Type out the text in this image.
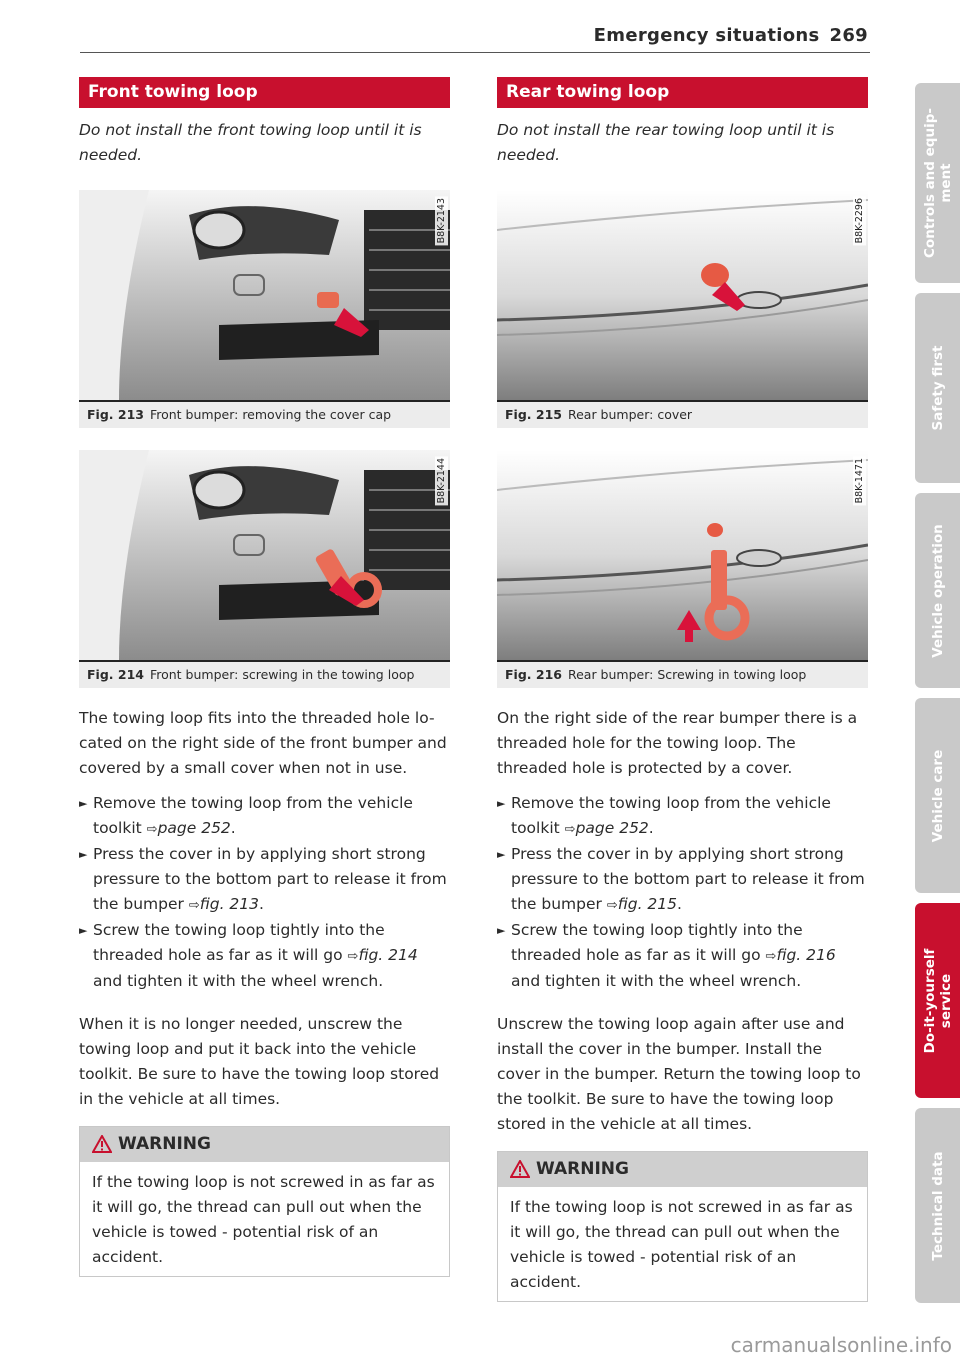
Emergency situations 269
Front towing loop

Do not install the front towing loop until it is needed.

B8K-2143
Fig. 213 Front bumper: removing the cover cap
B8K-2144
Fig. 214 Front bumper: screwing in the towing loop
The towing loop fits into the threaded hole lo- cated on the right side of the front bumper and covered by a small cover when not in use.
► Remove the towing loop from the vehicle toolkit ⇨page 252.
► Press the cover in by applying short strong pressure to the bottom part to release it from the bumper ⇨fig. 213.
► Screw the towing loop tightly into the threaded hole as far as it will go ⇨fig. 214 and tighten it with the wheel wrench.
When it is no longer needed, unscrew the towing loop and put it back into the vehicle toolkit. Be sure to have the towing loop stored in the vehicle at all times.
WARNING
If the towing loop is not screwed in as far as it will go, the thread can pull out when the vehicle is towed - potential risk of an accident.
Rear towing loop

Do not install the rear towing loop until it is needed.

B8K-2296
Fig. 215 Rear bumper: cover
B8K-1471
Fig. 216 Rear bumper: Screwing in towing loop
On the right side of the rear bumper there is a threaded hole for the towing loop. The threaded hole is protected by a cover.
► Remove the towing loop from the vehicle toolkit ⇨page 252.
► Press the cover in by applying short strong pressure to the bottom part to release it from the bumper ⇨fig. 215.
► Screw the towing loop tightly into the threaded hole as far as it will go ⇨fig. 216 and tighten it with the wheel wrench.
Unscrew the towing loop again after use and install the cover in the bumper. Install the cover in the bumper. Return the towing loop to the toolkit. Be sure to have the towing loop stored in the vehicle at all times.
WARNING
If the towing loop is not screwed in as far as it will go, the thread can pull out when the vehicle is towed - potential risk of an accident.
Controls and equip-
ment
Safety first
Vehicle operation
Vehicle care
Do-it-yourself
service
Technical data
carmanualsonline.info
